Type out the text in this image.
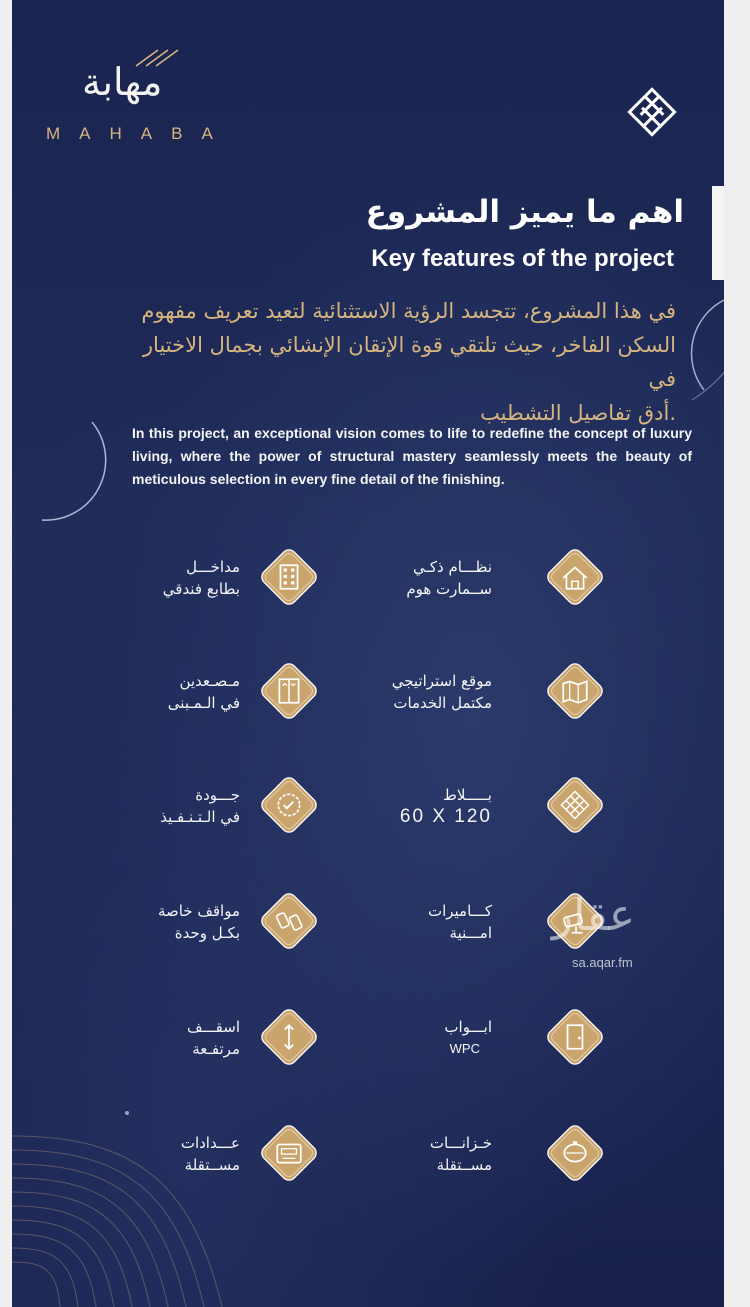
مهابة
MAHABA
اهم ما يميز المشروع
Key features of the project
في هذا المشروع، تتجسد الرؤية الاستثنائية لتعيد تعريف مفهوم
السكن الفاخر، حيث تلتقي قوة الإتقان الإنشائي بجمال الاختيار في
.أدق تفاصيل التشطيب
In this project, an exceptional vision comes to life to redefine the concept of luxury living, where the power of structural mastery seamlessly meets the beauty of meticulous selection in every fine detail of the finishing.
مداخـــل
بطابع فندقي
نظـــام ذكـي
ســمارت هوم
مـصـعدين
في الـمـبنى
موقع استراتيجي
مكتمل الخدمات
جـــودة
في الـتـنـفـيذ
بـــــلاط
60 X 120
مواقف خاصة
بكـل وحدة
كـــاميرات
امـــنية
اسقـــف
مرتفـعة
ابـــواب
WPC
عـــدادات
مســتقلة
خـزانـــات
مســتقلة
عقار
sa.aqar.fm
